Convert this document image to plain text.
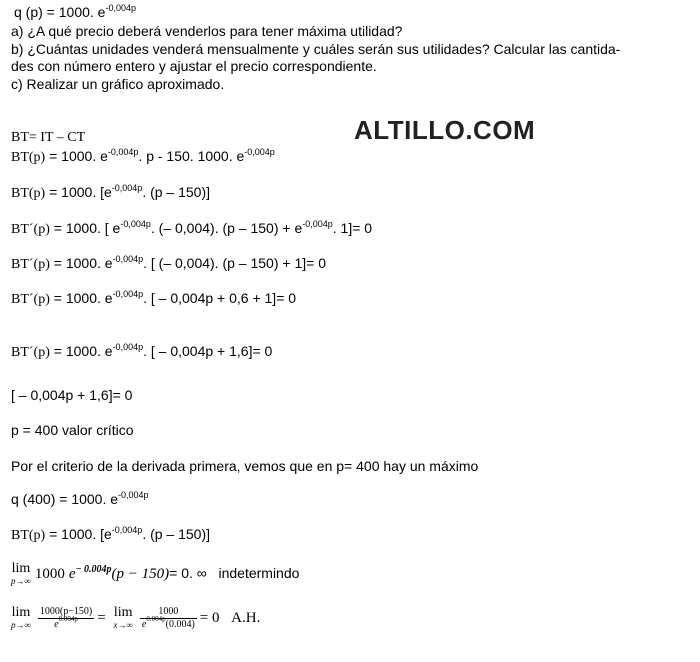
q (p) = 1000. $e^{-0,004p}$
a) ¿A qué precio deberá venderlos para tener máxima utilidad?
b) ¿Cuántas unidades venderá mensualmente y cuáles serán sus utilidades? Calcular las cantida-
des con número entero y ajustar el precio correspondiente.
c) Realizar un gráfico aproximado.
ALTILLO.COM
BT= IT – CT
BT(p) = 1000. $e^{-0,004p}$. p - 150. 1000. $e^{-0,004p}$
BT(p) = 1000. [$e^{-0,004p}$. (p – 150)]
BT´(p) = 1000. [ $e^{-0,004p}$. (– 0,004). $(p - 150) + e^{-0,004p}$. 1]= 0
BT´(p) = 1000. $e^{-0,004p}$. [ (– 0,004). (p – 150) + 1]= 0
BT´(p) = 1000. $e^{-0,004p}$. [ – 0,004p + 0,6 + 1]= 0
BT´(p) = 1000. $e^{-0,004p}$. [ – 0,004p + 1,6]= 0
[ – 0,004p + 1,6]= 0
p = 400 valor crítico
Por el criterio de la derivada primera, vemos que en p= 400 hay un máximo
q (400) = 1000. $e^{-0,004p}$
BT(p) = 1000. [$e^{-0,004p}$. (p – 150)]
lim
p→∞ 1000 $e^{- 0.004p}(p - 150)= 0$. ∞ indetermindo
lim
$p\to\infty \frac{1000(p-150)}{e^{0.004p}} = \lim$
$x\to\infty \frac{1000}{e^{0.004p}(0.004)} = 0$ A.H.
